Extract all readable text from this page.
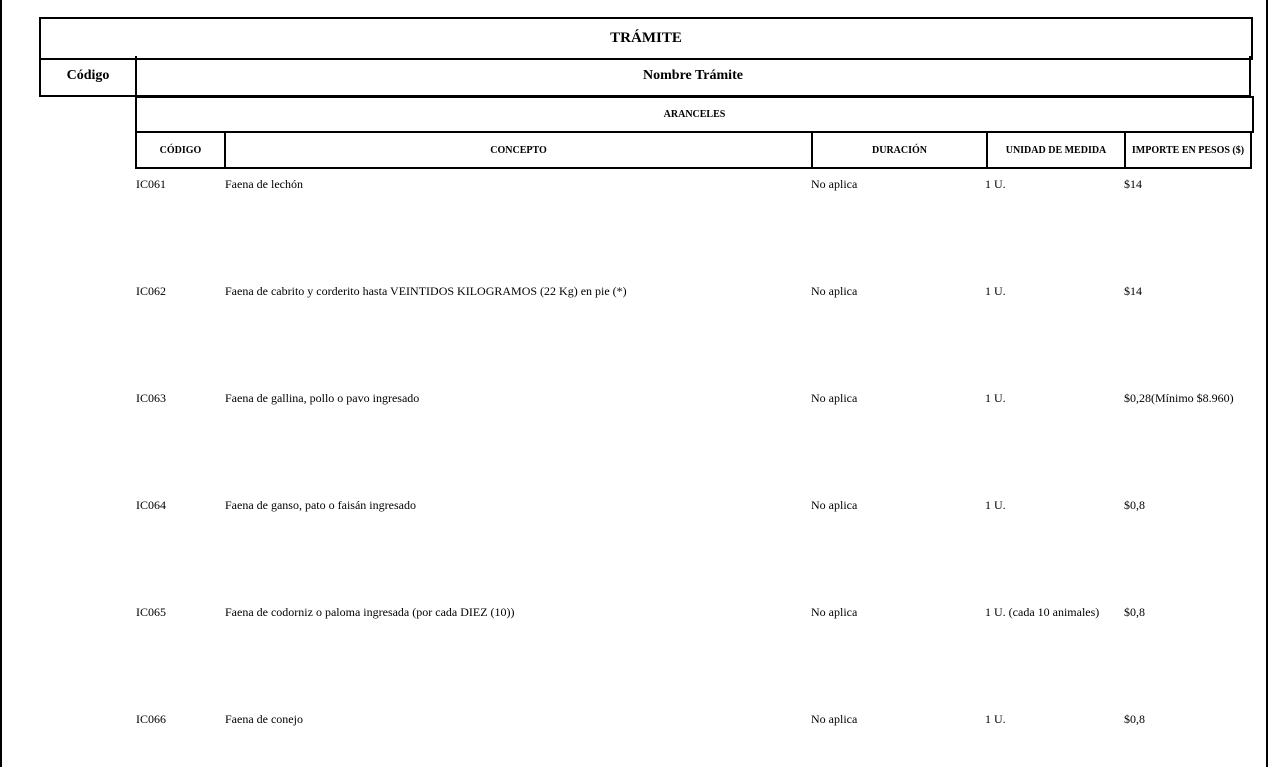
TRÁMITE
Código	Nombre Trámite
ARANCELES
CÓDIGO	CONCEPTO	DURACIÓN	UNIDAD DE MEDIDA	IMPORTE EN PESOS ($)
IC061	Faena de lechón	No aplica	1 U.	$14
IC062	Faena de cabrito y corderito hasta VEINTIDOS KILOGRAMOS (22 Kg) en pie (*)	No aplica	1 U.	$14
IC063	Faena de gallina, pollo o pavo ingresado	No aplica	1 U.	$0,28(Mínimo $8.960)
IC064	Faena de ganso, pato o faisán ingresado	No aplica	1 U.	$0,8
IC065	Faena de codorniz o paloma ingresada (por cada DIEZ (10))	No aplica	1 U. (cada 10 animales) $0,8
IC066	Faena de conejo	No aplica	1 U.	$0,8
